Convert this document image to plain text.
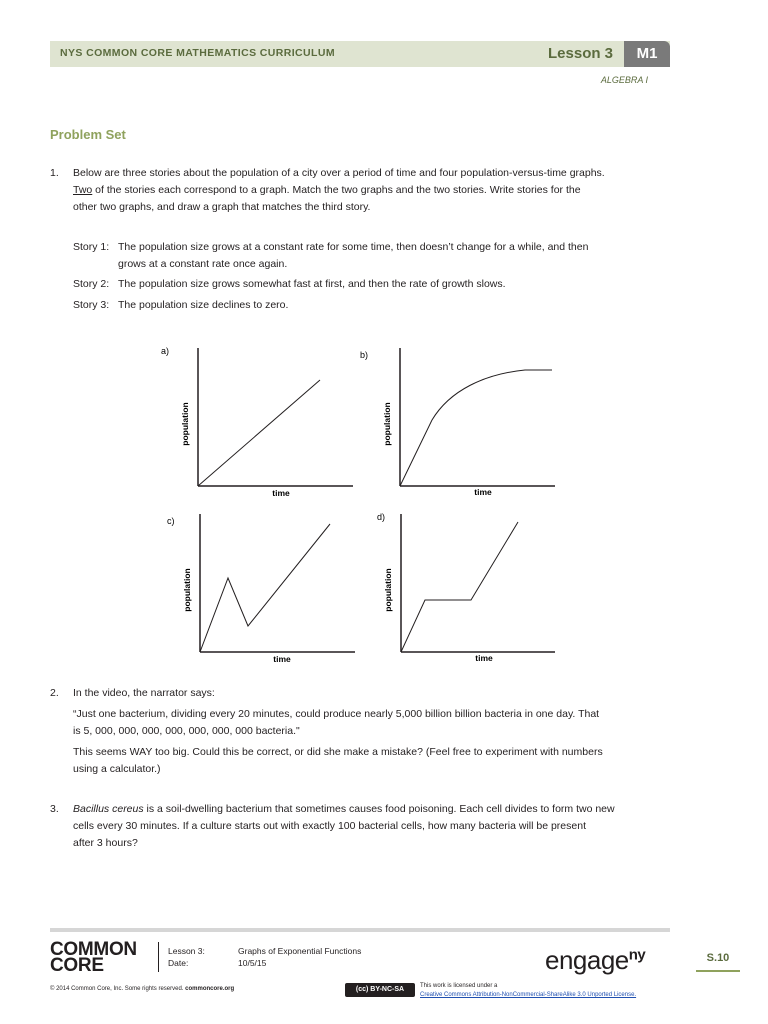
NYS COMMON CORE MATHEMATICS CURRICULUM	Lesson 3	M1
ALGEBRA I
Problem Set
1. Below are three stories about the population of a city over a period of time and four population-versus-time graphs.
Two of the stories each correspond to a graph. Match the two graphs and the two stories. Write stories for the
other two graphs, and draw a graph that matches the third story.
Story 1: The population size grows at a constant rate for some time, then doesn’t change for a while, and then
grows at a constant rate once again.
Story 2: The population size grows somewhat fast at first, and then the rate of growth slows.
Story 3: The population size declines to zero.
a)
population
time
b)
population
time
c)
population
time
d)
population
time
2. In the video, the narrator says:
“Just one bacterium, dividing every 20 minutes, could produce nearly 5,000 billion billion bacteria in one day. That
is 5, 000, 000, 000, 000, 000, 000, 000 bacteria."
This seems WAY too big. Could this be correct, or did she make a mistake? (Feel free to experiment with numbers
using a calculator.)
3. Bacillus cereus is a soil-dwelling bacterium that sometimes causes food poisoning. Each cell divides to form two new
cells every 30 minutes. If a culture starts out with exactly 100 bacterial cells, how many bacteria will be present
after 3 hours?
COMMON
CORE
Lesson 3:
Date:
Graphs of Exponential Functions
10/5/15	engage$^{ny}$	S.10
© 2014 Common Core, Inc. Some rights reserved. commoncore.org	(cc) BY-NC-SA	This work is licensed under a
Creative Commons Attribution-NonCommercial-ShareAlike 3.0 Unported License.
